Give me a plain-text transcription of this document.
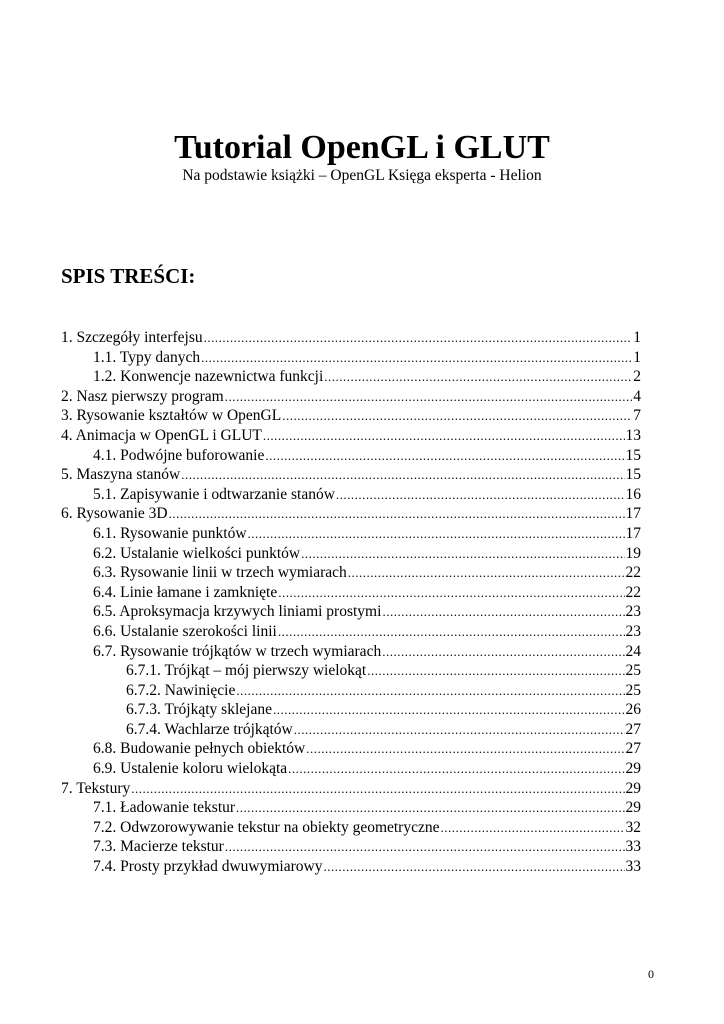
Tutorial OpenGL i GLUT
Na podstawie książki – OpenGL Księga eksperta - Helion
SPIS TREŚCI:
1. Szczegóły interfejsu .....	1
1.1. Typy danych .....	1
1.2. Konwencje nazewnictwa funkcji .....	2
2. Nasz pierwszy program .....	4
3. Rysowanie kształtów w OpenGL .....	7
4. Animacja w OpenGL i GLUT .....	13
4.1. Podwójne buforowanie .....	15
5. Maszyna stanów .....	15
5.1. Zapisywanie i odtwarzanie stanów .....	16
6. Rysowanie 3D .....	17
6.1. Rysowanie punktów .....	17
6.2. Ustalanie wielkości punktów .....	19
6.3. Rysowanie linii w trzech wymiarach .....	22
6.4. Linie łamane i zamknięte .....	22
6.5. Aproksymacja krzywych liniami prostymi .....	23
6.6. Ustalanie szerokości linii .....	23
6.7. Rysowanie trójkątów w trzech wymiarach .....	24
6.7.1. Trójkąt – mój pierwszy wielokąt .....	25
6.7.2. Nawinięcie .....	25
6.7.3. Trójkąty sklejane .....	26
6.7.4. Wachlarze trójkątów .....	27
6.8. Budowanie pełnych obiektów .....	27
6.9. Ustalenie koloru wielokąta .....	29
7. Tekstury .....	29
7.1. Ładowanie tekstur .....	29
7.2. Odwzorowywanie tekstur na obiekty geometryczne .....	32
7.3. Macierze tekstur .....	33
7.4. Prosty przykład dwuwymiarowy .....	33
0
